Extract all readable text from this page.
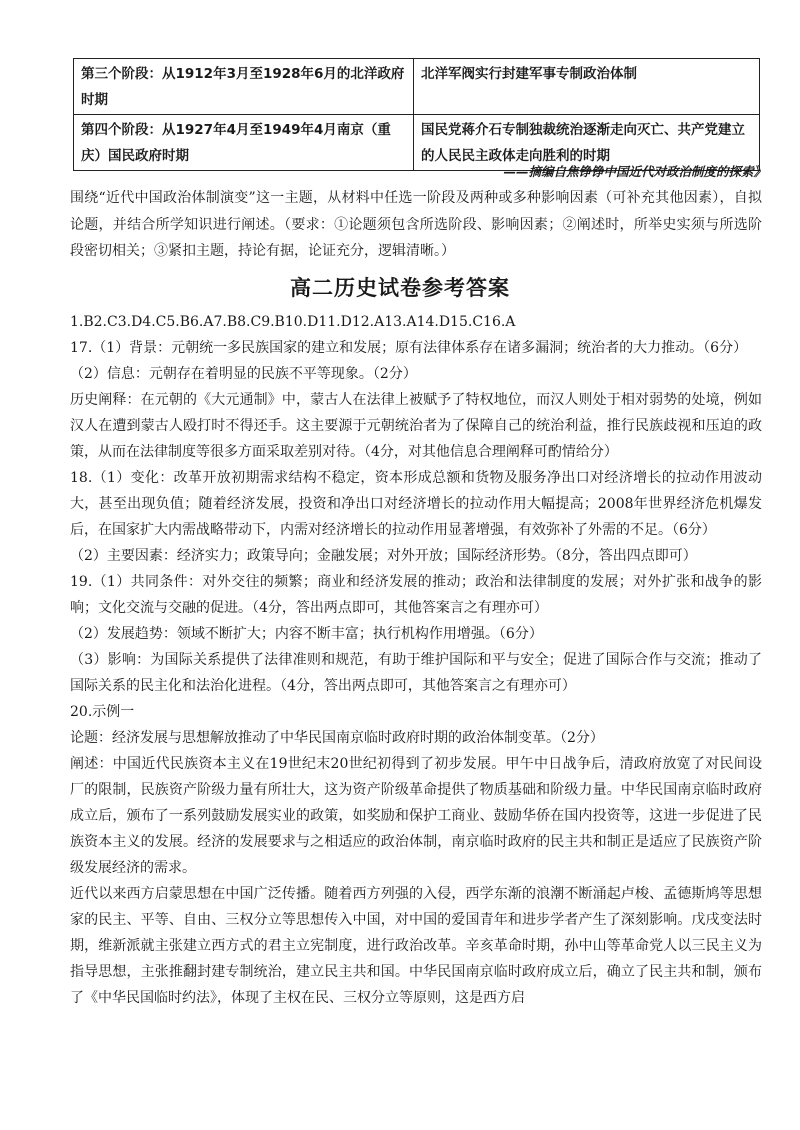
第三个阶段：从1912年3月至1928年6月的北洋政府时期	北洋军阀实行封建军事专制政治体制
第四个阶段：从1927年4月至1949年4月南京（重庆）国民政府时期	国民党蒋介石专制独裁统治逐渐走向灭亡、共产党建立的人民民主政体走向胜利的时期
——摘编自焦铮铮中国近代对政治制度的探索》

围绕“近代中国政治体制演变”这一主题，从材料中任选一阶段及两种或多种影响因素（可补充其他因素），自拟论题，并结合所学知识进行阐述。（要求：①论题须包含所选阶段、影响因素；②阐述时，所举史实须与所选阶段密切相关；③紧扣主题，持论有据，论证充分，逻辑清晰。）

高二历史试卷参考答案

1.B2.C3.D4.C5.B6.A7.B8.C9.B10.D11.D12.A13.A14.D15.C16.A

17.（1）背景：元朝统一多民族国家的建立和发展；原有法律体系存在诸多漏洞；统治者的大力推动。（6分）

（2）信息：元朝存在着明显的民族不平等现象。（2分）

历史阐释：在元朝的《大元通制》中，蒙古人在法律上被赋予了特权地位，而汉人则处于相对弱势的处境，例如汉人在遭到蒙古人殴打时不得还手。这主要源于元朝统治者为了保障自己的统治利益，推行民族歧视和压迫的政策，从而在法律制度等很多方面采取差别对待。（4分，对其他信息合理阐释可酌情给分）

18.（1）变化：改革开放初期需求结构不稳定，资本形成总额和货物及服务净出口对经济增长的拉动作用波动大，甚至出现负值；随着经济发展，投资和净出口对经济增长的拉动作用大幅提高；2008年世界经济危机爆发后，在国家扩大内需战略带动下，内需对经济增长的拉动作用显著增强，有效弥补了外需的不足。（6分）

（2）主要因素：经济实力；政策导向；金融发展；对外开放；国际经济形势。（8分，答出四点即可）

19.（1）共同条件：对外交往的频繁；商业和经济发展的推动；政治和法律制度的发展；对外扩张和战争的影响；文化交流与交融的促进。（4分，答出两点即可，其他答案言之有理亦可）

（2）发展趋势：领域不断扩大；内容不断丰富；执行机构作用增强。（6分）

（3）影响：为国际关系提供了法律准则和规范，有助于维护国际和平与安全；促进了国际合作与交流；推动了国际关系的民主化和法治化进程。（4分，答出两点即可，其他答案言之有理亦可）

20.示例一

论题：经济发展与思想解放推动了中华民国南京临时政府时期的政治体制变革。（2分）

阐述：中国近代民族资本主义在19世纪末20世纪初得到了初步发展。甲午中日战争后，清政府放宽了对民间设厂的限制，民族资产阶级力量有所壮大，这为资产阶级革命提供了物质基础和阶级力量。中华民国南京临时政府成立后，颁布了一系列鼓励发展实业的政策，如奖励和保护工商业、鼓励华侨在国内投资等，这进一步促进了民族资本主义的发展。经济的发展要求与之相适应的政治体制，南京临时政府的民主共和制正是适应了民族资产阶级发展经济的需求。

近代以来西方启蒙思想在中国广泛传播。随着西方列强的入侵，西学东渐的浪潮不断涌起卢梭、孟德斯鸠等思想家的民主、平等、自由、三权分立等思想传入中国，对中国的爱国青年和进步学者产生了深刻影响。戊戌变法时期，维新派就主张建立西方式的君主立宪制度，进行政治改革。辛亥革命时期，孙中山等革命党人以三民主义为指导思想，主张推翻封建专制统治，建立民主共和国。中华民国南京临时政府成立后，确立了民主共和制，颁布了《中华民国临时约法》，体现了主权在民、三权分立等原则，这是西方启
